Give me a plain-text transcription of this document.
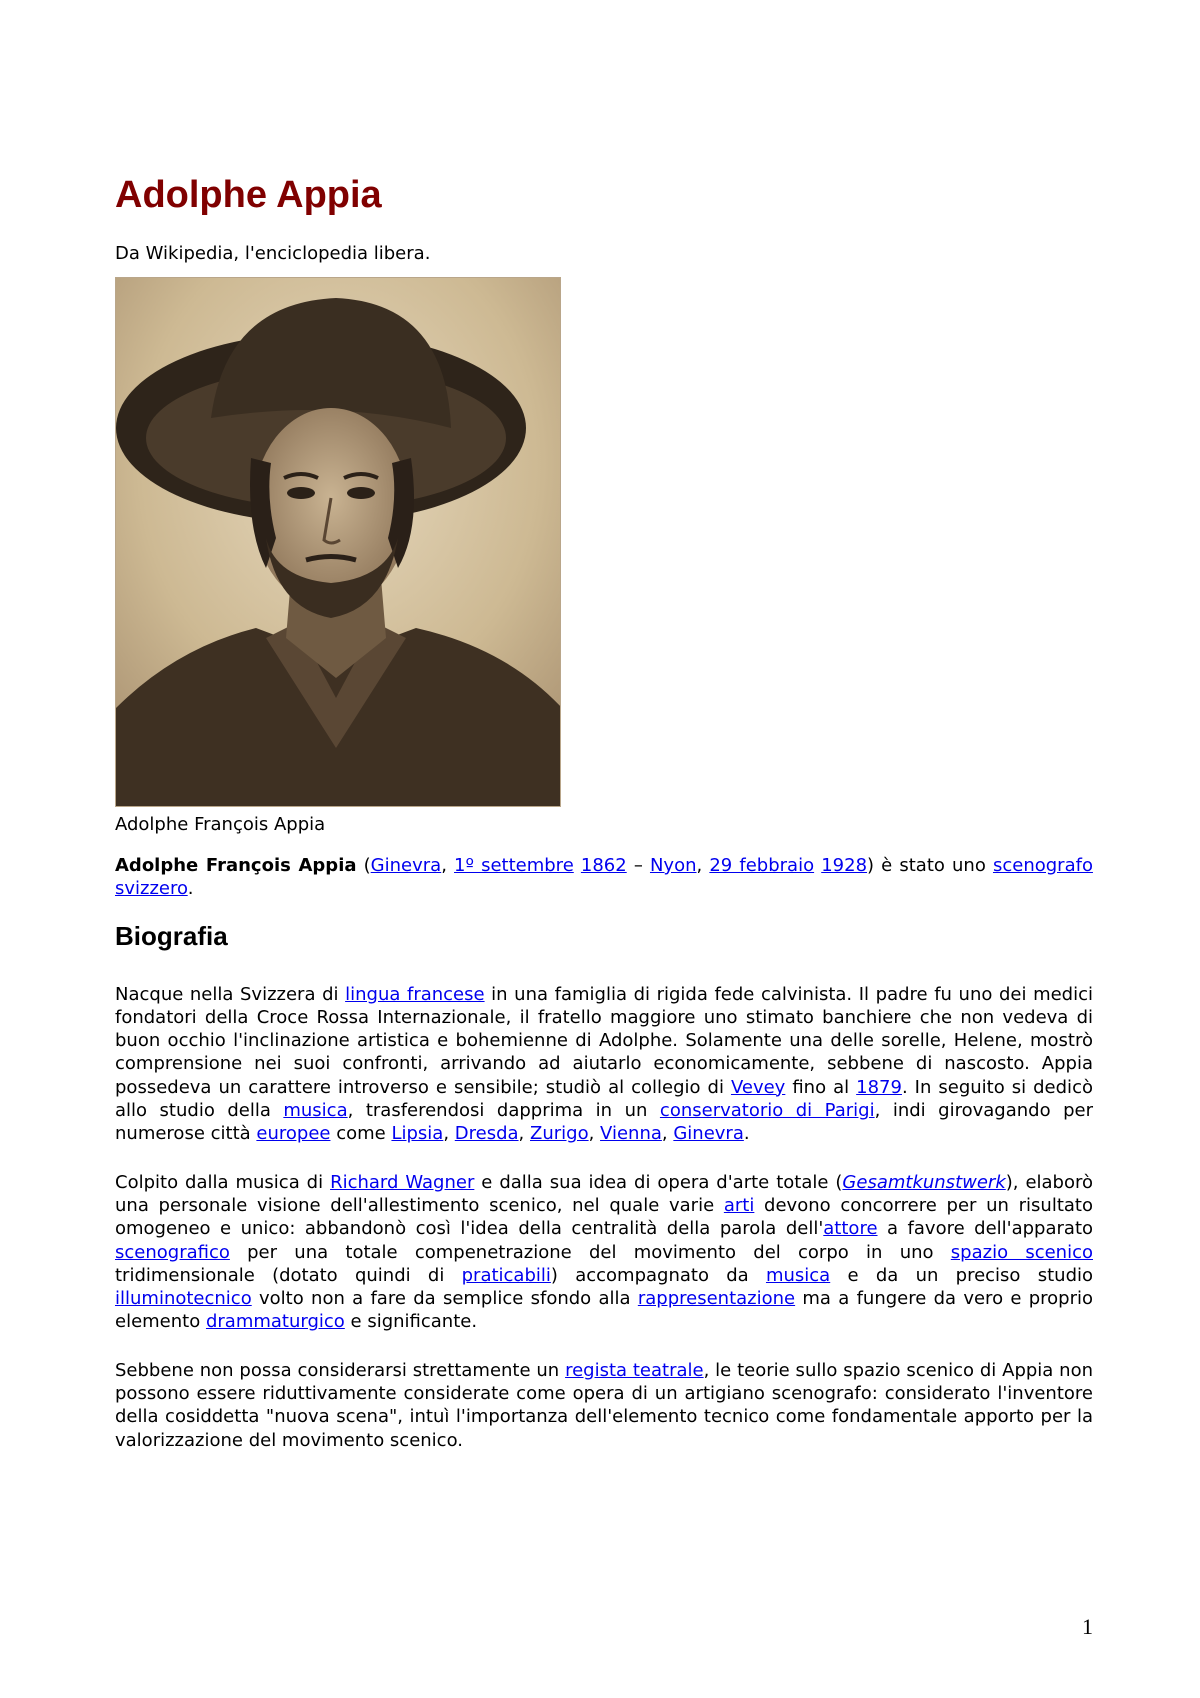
Adolphe Appia
Da Wikipedia, l'enciclopedia libera.
Adolphe François Appia

Adolphe François Appia (Ginevra, 1º settembre 1862 – Nyon, 29 febbraio 1928) è stato uno scenografo svizzero.

Biografia

Nacque nella Svizzera di lingua francese in una famiglia di rigida fede calvinista. Il padre fu uno dei medici fondatori della Croce Rossa Internazionale, il fratello maggiore uno stimato banchiere che non vedeva di buon occhio l'inclinazione artistica e bohemienne di Adolphe. Solamente una delle sorelle, Helene, mostrò comprensione nei suoi confronti, arrivando ad aiutarlo economicamente, sebbene di nascosto. Appia possedeva un carattere introverso e sensibile; studiò al collegio di Vevey fino al 1879. In seguito si dedicò allo studio della musica, trasferendosi dapprima in un conservatorio di Parigi, indi girovagando per numerose città europee come Lipsia, Dresda, Zurigo, Vienna, Ginevra.

Colpito dalla musica di Richard Wagner e dalla sua idea di opera d'arte totale (Gesamtkunstwerk), elaborò una personale visione dell'allestimento scenico, nel quale varie arti devono concorrere per un risultato omogeneo e unico: abbandonò così l'idea della centralità della parola dell'attore a favore dell'apparato scenografico per una totale compenetrazione del movimento del corpo in uno spazio scenico tridimensionale (dotato quindi di praticabili) accompagnato da musica e da un preciso studio illuminotecnico volto non a fare da semplice sfondo alla rappresentazione ma a fungere da vero e proprio elemento drammaturgico e significante.

Sebbene non possa considerarsi strettamente un regista teatrale, le teorie sullo spazio scenico di Appia non possono essere riduttivamente considerate come opera di un artigiano scenografo: considerato l'inventore della cosiddetta "nuova scena", intuì l'importanza dell'elemento tecnico come fondamentale apporto per la valorizzazione del movimento scenico.

1
